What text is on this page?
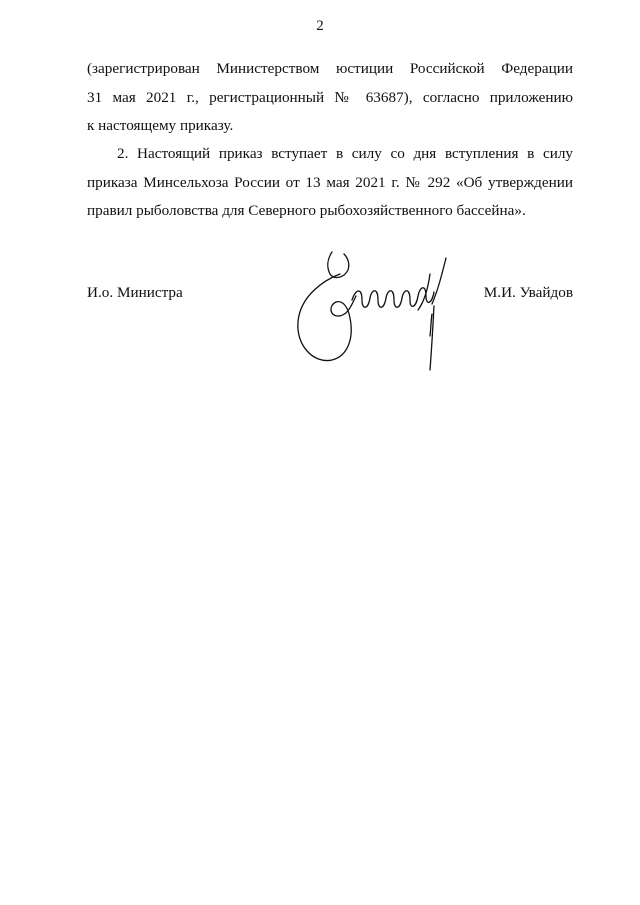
2
(зарегистрирован Министерством юстиции Российской Федерации
31 мая 2021 г., регистрационный № 63687), согласно приложению
к настоящему приказу.
2. Настоящий приказ вступает в силу со дня вступления в силу
приказа Минсельхоза России от 13 мая 2021 г. № 292 «Об утверждении
правил рыболовства для Северного рыбохозяйственного бассейна».
И.о. Министра	М.И. Увайдов
